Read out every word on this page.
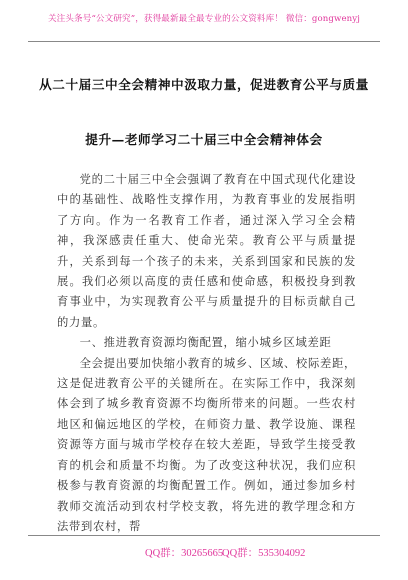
关注头条号“公文研究”，获得最新最全最专业的公文资料库！ 微信：gongwenyj
从二十届三中全会精神中汲取力量，促进教育公平与质量
提升—老师学习二十届三中全会精神体会

党的二十届三中全会强调了教育在中国式现代化建设中的基础性、战略性支撑作用，为教育事业的发展指明了方向。作为一名教育工作者，通过深入学习全会精神，我深感责任重大、使命光荣。教育公平与质量提升，关系到每一个孩子的未来，关系到国家和民族的发展。我们必须以高度的责任感和使命感，积极投身到教育事业中，为实现教育公平与质量提升的目标贡献自己的力量。

一、推进教育资源均衡配置，缩小城乡区域差距

全会提出要加快缩小教育的城乡、区域、校际差距，这是促进教育公平的关键所在。在实际工作中，我深刻体会到了城乡教育资源不均衡所带来的问题。一些农村地区和偏远地区的学校，在师资力量、教学设施、课程资源等方面与城市学校存在较大差距，导致学生接受教育的机会和质量不均衡。为了改变这种状况，我们应积极参与教育资源的均衡配置工作。例如，通过参加乡村教师交流活动到农村学校支教，将先进的教学理念和方法带到农村，帮

QQ群：30265665
QQ群：535304092
